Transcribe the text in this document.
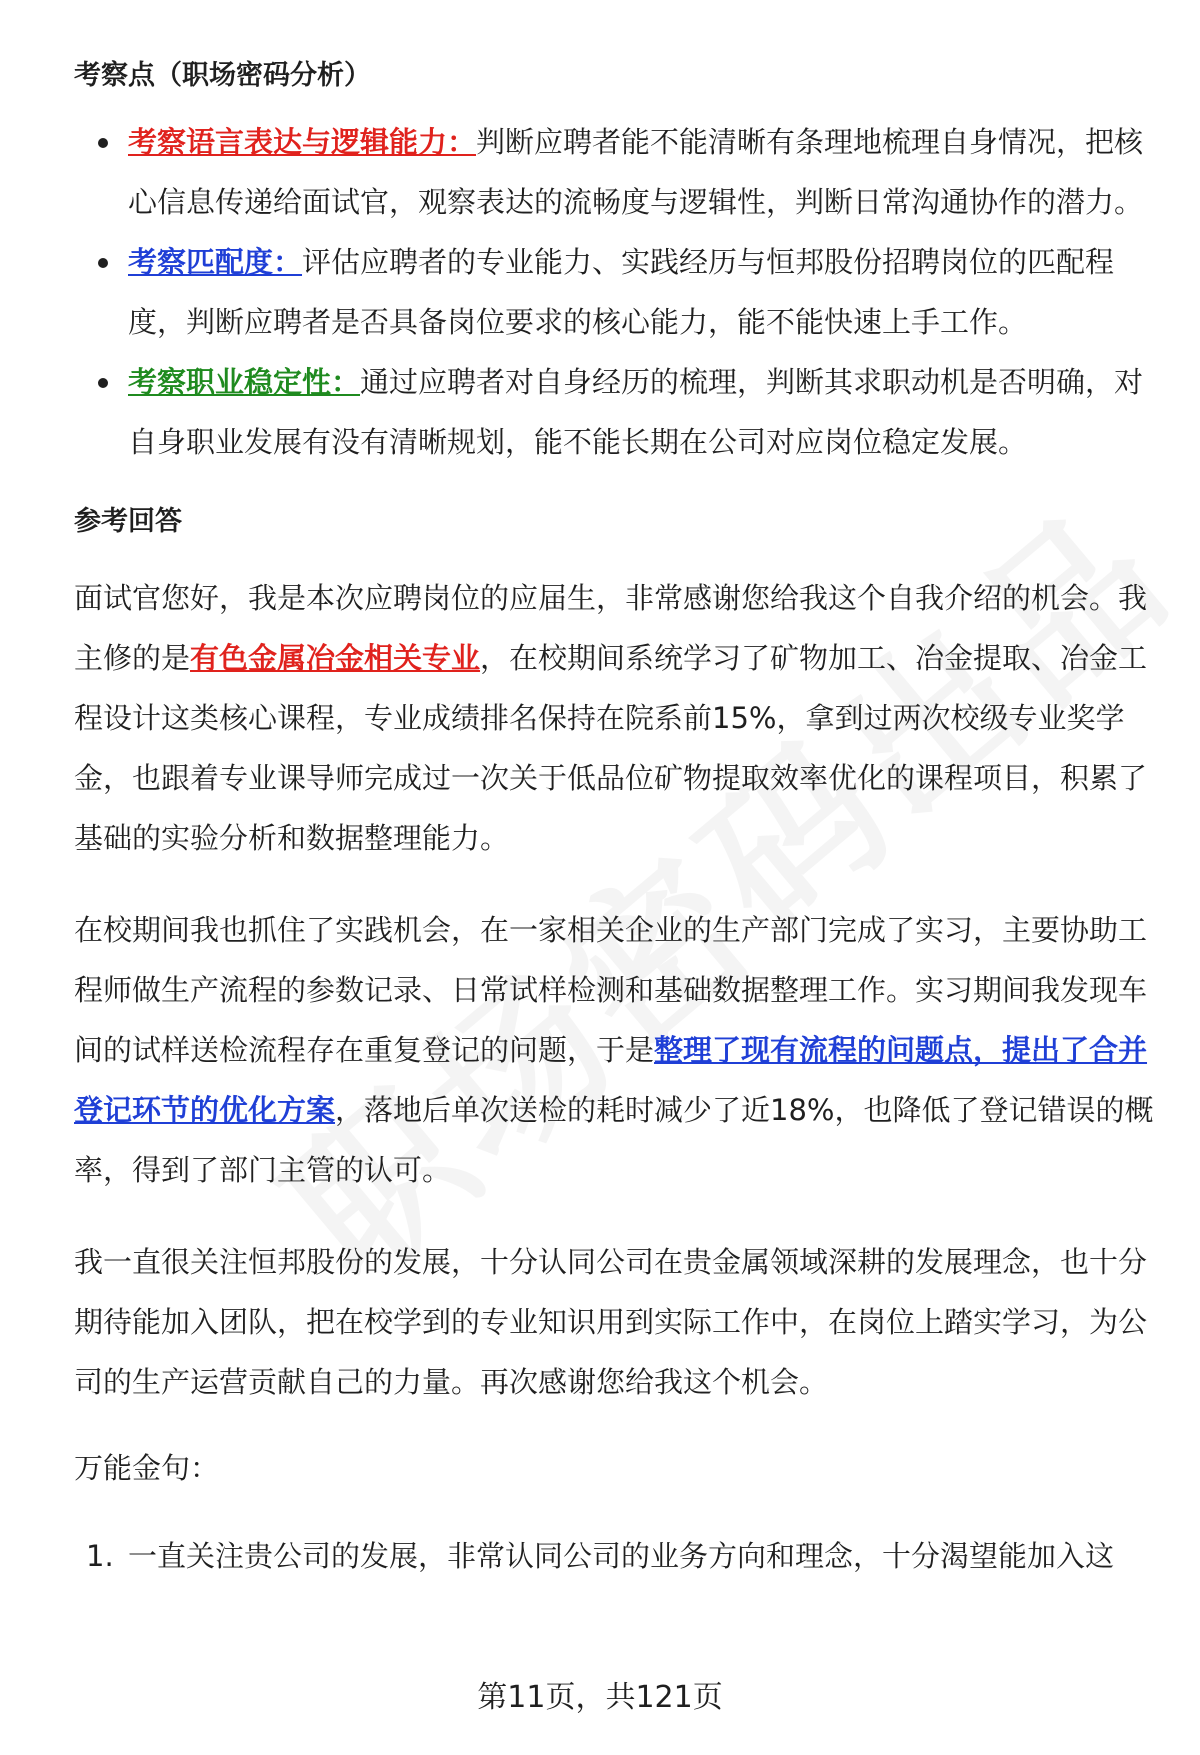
考察点（职场密码分析）
考察语言表达与逻辑能力：判断应聘者能不能清晰有条理地梳理自身情况，把核心信息传递给面试官，观察表达的流畅度与逻辑性，判断日常沟通协作的潜力。
考察匹配度：评估应聘者的专业能力、实践经历与恒邦股份招聘岗位的匹配程度，判断应聘者是否具备岗位要求的核心能力，能不能快速上手工作。
考察职业稳定性：通过应聘者对自身经历的梳理，判断其求职动机是否明确，对自身职业发展有没有清晰规划，能不能长期在公司对应岗位稳定发展。
参考回答

面试官您好，我是本次应聘岗位的应届生，非常感谢您给我这个自我介绍的机会。我主修的是有色金属冶金相关专业，在校期间系统学习了矿物加工、冶金提取、冶金工程设计这类核心课程，专业成绩排名保持在院系前15%，拿到过两次校级专业奖学金，也跟着专业课导师完成过一次关于低品位矿物提取效率优化的课程项目，积累了基础的实验分析和数据整理能力。

在校期间我也抓住了实践机会，在一家相关企业的生产部门完成了实习，主要协助工程师做生产流程的参数记录、日常试样检测和基础数据整理工作。实习期间我发现车间的试样送检流程存在重复登记的问题，于是整理了现有流程的问题点，提出了合并登记环节的优化方案，落地后单次送检的耗时减少了近18%，也降低了登记错误的概率，得到了部门主管的认可。

我一直很关注恒邦股份的发展，十分认同公司在贵金属领域深耕的发展理念，也十分期待能加入团队，把在校学到的专业知识用到实际工作中，在岗位上踏实学习，为公司的生产运营贡献自己的力量。再次感谢您给我这个机会。

万能金句：

1. 一直关注贵公司的发展，非常认同公司的业务方向和理念，十分渴望能加入这
第11页，共121页
